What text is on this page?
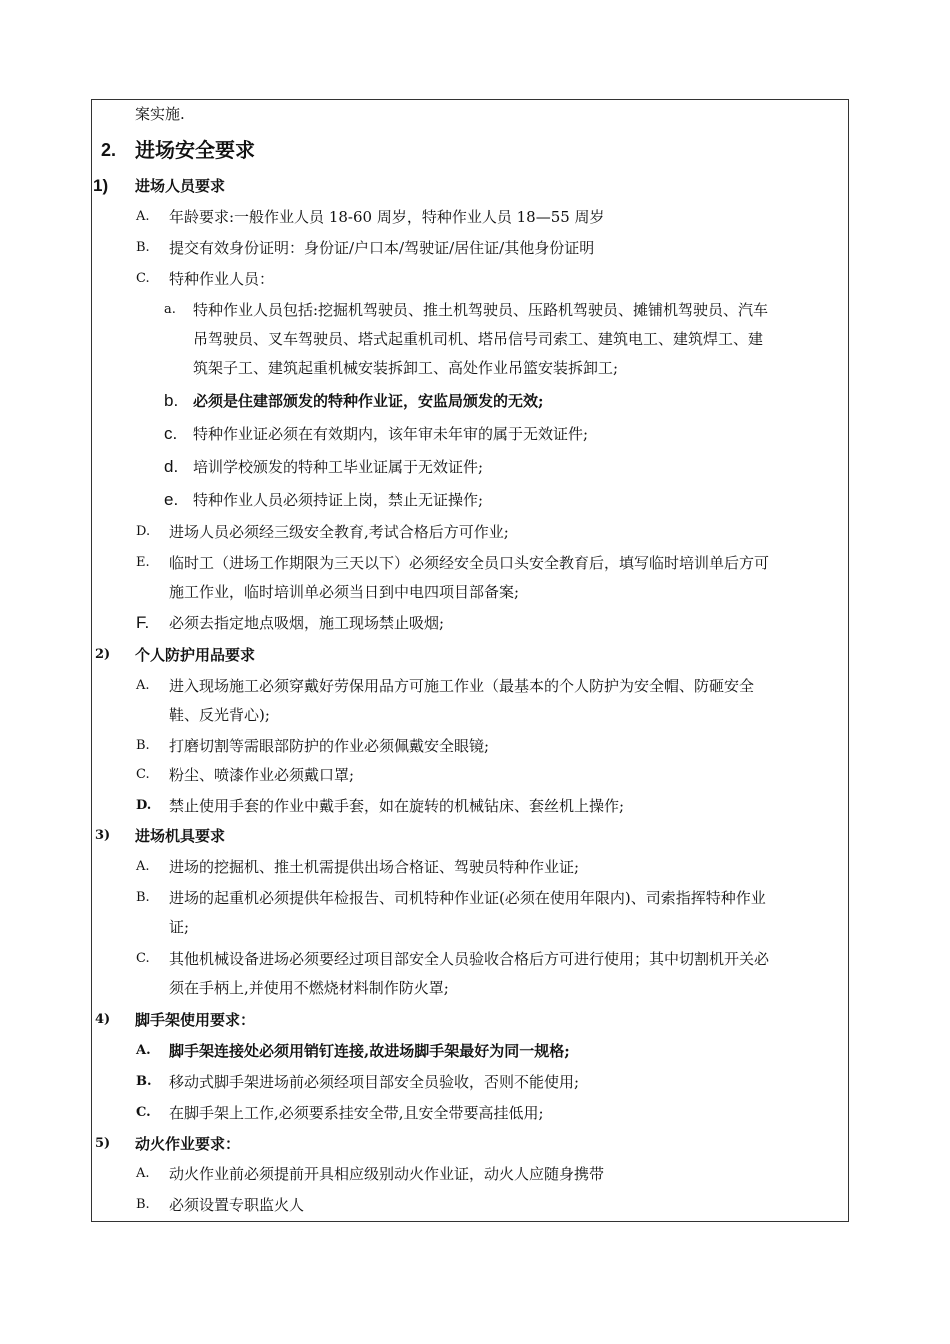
案实施.
2. 进场安全要求
1) 进场人员要求
A. 年龄要求:一般作业人员 18-60 周岁，特种作业人员 18—55 周岁
B. 提交有效身份证明：身份证/户口本/驾驶证/居住证/其他身份证明
C. 特种作业人员：
a. 特种作业人员包括:挖掘机驾驶员、推土机驾驶员、压路机驾驶员、摊铺机驾驶员、汽车
吊驾驶员、叉车驾驶员、塔式起重机司机、塔吊信号司索工、建筑电工、建筑焊工、建
筑架子工、建筑起重机械安装拆卸工、高处作业吊篮安装拆卸工;
b. 必须是住建部颁发的特种作业证，安监局颁发的无效;
c. 特种作业证必须在有效期内，该年审未年审的属于无效证件;
d. 培训学校颁发的特种工毕业证属于无效证件;
e. 特种作业人员必须持证上岗，禁止无证操作;
D. 进场人员必须经三级安全教育,考试合格后方可作业;
E. 临时工（进场工作期限为三天以下）必须经安全员口头安全教育后，填写临时培训单后方可
施工作业，临时培训单必须当日到中电四项目部备案;
F. 必须去指定地点吸烟，施工现场禁止吸烟;
2) 个人防护用品要求
A. 进入现场施工必须穿戴好劳保用品方可施工作业（最基本的个人防护为安全帽、防砸安全
鞋、反光背心);
B. 打磨切割等需眼部防护的作业必须佩戴安全眼镜;
C. 粉尘、喷漆作业必须戴口罩;
D. 禁止使用手套的作业中戴手套，如在旋转的机械钻床、套丝机上操作;
3) 进场机具要求
A. 进场的挖掘机、推土机需提供出场合格证、驾驶员特种作业证;
B. 进场的起重机必须提供年检报告、司机特种作业证(必须在使用年限内)、司索指挥特种作业
证;
C. 其他机械设备进场必须要经过项目部安全人员验收合格后方可进行使用；其中切割机开关必
须在手柄上,并使用不燃烧材料制作防火罩;
4) 脚手架使用要求：
A. 脚手架连接处必须用销钉连接,故进场脚手架最好为同一规格;
B. 移动式脚手架进场前必须经项目部安全员验收，否则不能使用;
C. 在脚手架上工作,必须要系挂安全带,且安全带要高挂低用;
5) 动火作业要求：
A. 动火作业前必须提前开具相应级别动火作业证，动火人应随身携带
B. 必须设置专职监火人
